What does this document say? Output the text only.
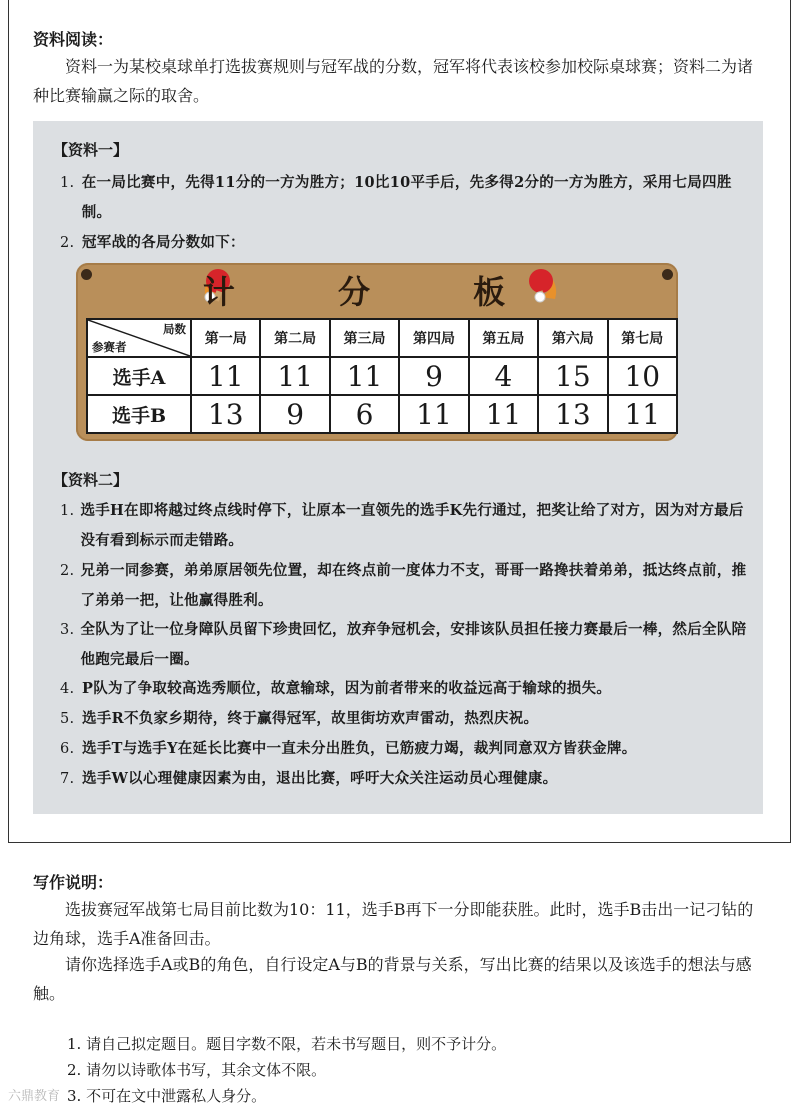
资料阅读：
资料一为某校桌球单打选拔赛规则与冠军战的分数，冠军将代表该校参加校际桌球赛；资料二为诸种比赛输赢之际的取舍。
【资料一】
1. 在一局比赛中，先得11分的一方为胜方；10比10平手后，先多得2分的一方为胜方，采用七局四胜制。
2. 冠军战的各局分数如下：
计 分 板
局数
参赛者	第一局	第二局	第三局	第四局	第五局	第六局	第七局
选手A	11	11	11	9	4	15	10
选手B	13	9	6	11	11	13	11
【资料二】
1. 选手H在即将越过终点线时停下，让原本一直领先的选手K先行通过，把奖让给了对方，因为对方最后没有看到标示而走错路。
2. 兄弟一同参赛，弟弟原居领先位置，却在终点前一度体力不支，哥哥一路搀扶着弟弟，抵达终点前，推了弟弟一把，让他赢得胜利。
3. 全队为了让一位身障队员留下珍贵回忆，放弃争冠机会，安排该队员担任接力赛最后一棒，然后全队陪他跑完最后一圈。
4. P队为了争取较高选秀顺位，故意输球，因为前者带来的收益远高于输球的损失。
5. 选手R不负家乡期待，终于赢得冠军，故里街坊欢声雷动，热烈庆祝。
6. 选手T与选手Y在延长比赛中一直未分出胜负，已筋疲力竭，裁判同意双方皆获金牌。
7. 选手W以心理健康因素为由，退出比赛，呼吁大众关注运动员心理健康。
写作说明：
选拔赛冠军战第七局目前比数为10：11，选手B再下一分即能获胜。此时，选手B击出一记刁钻的边角球，选手A准备回击。
请你选择选手A或B的角色，自行设定A与B的背景与关系，写出比赛的结果以及该选手的想法与感触。
1. 请自己拟定题目。题目字数不限，若未书写题目，则不予计分。
2. 请勿以诗歌体书写，其余文体不限。
3. 不可在文中泄露私人身分。
六鼎教育
